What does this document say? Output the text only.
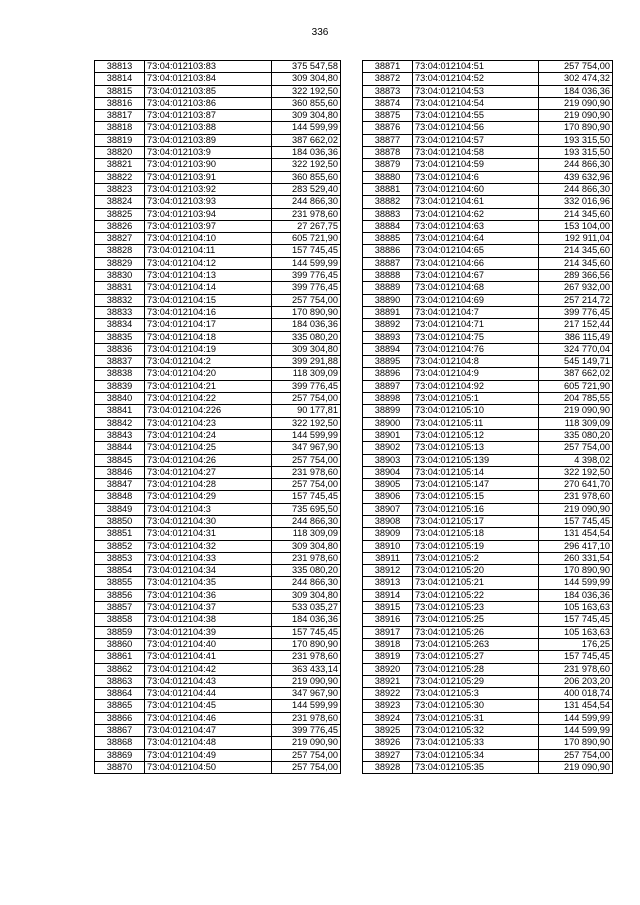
336
38813	73:04:012103:83	375 547,58
38814	73:04:012103:84	309 304,80
38815	73:04:012103:85	322 192,50
38816	73:04:012103:86	360 855,60
38817	73:04:012103:87	309 304,80
38818	73:04:012103:88	144 599,99
38819	73:04:012103:89	387 662,02
38820	73:04:012103:9	184 036,36
38821	73:04:012103:90	322 192,50
38822	73:04:012103:91	360 855,60
38823	73:04:012103:92	283 529,40
38824	73:04:012103:93	244 866,30
38825	73:04:012103:94	231 978,60
38826	73:04:012103:97	27 267,75
38827	73:04:012104:10	605 721,90
38828	73:04:012104:11	157 745,45
38829	73:04:012104:12	144 599,99
38830	73:04:012104:13	399 776,45
38831	73:04:012104:14	399 776,45
38832	73:04:012104:15	257 754,00
38833	73:04:012104:16	170 890,90
38834	73:04:012104:17	184 036,36
38835	73:04:012104:18	335 080,20
38836	73:04:012104:19	309 304,80
38837	73:04:012104:2	399 291,88
38838	73:04:012104:20	118 309,09
38839	73:04:012104:21	399 776,45
38840	73:04:012104:22	257 754,00
38841	73:04:012104:226	90 177,81
38842	73:04:012104:23	322 192,50
38843	73:04:012104:24	144 599,99
38844	73:04:012104:25	347 967,90
38845	73:04:012104:26	257 754,00
38846	73:04:012104:27	231 978,60
38847	73:04:012104:28	257 754,00
38848	73:04:012104:29	157 745,45
38849	73:04:012104:3	735 695,50
38850	73:04:012104:30	244 866,30
38851	73:04:012104:31	118 309,09
38852	73:04:012104:32	309 304,80
38853	73:04:012104:33	231 978,60
38854	73:04:012104:34	335 080,20
38855	73:04:012104:35	244 866,30
38856	73:04:012104:36	309 304,80
38857	73:04:012104:37	533 035,27
38858	73:04:012104:38	184 036,36
38859	73:04:012104:39	157 745,45
38860	73:04:012104:40	170 890,90
38861	73:04:012104:41	231 978,60
38862	73:04:012104:42	363 433,14
38863	73:04:012104:43	219 090,90
38864	73:04:012104:44	347 967,90
38865	73:04:012104:45	144 599,99
38866	73:04:012104:46	231 978,60
38867	73:04:012104:47	399 776,45
38868	73:04:012104:48	219 090,90
38869	73:04:012104:49	257 754,00
38870	73:04:012104:50	257 754,00
38871	73:04:012104:51	257 754,00
38872	73:04:012104:52	302 474,32
38873	73:04:012104:53	184 036,36
38874	73:04:012104:54	219 090,90
38875	73:04:012104:55	219 090,90
38876	73:04:012104:56	170 890,90
38877	73:04:012104:57	193 315,50
38878	73:04:012104:58	193 315,50
38879	73:04:012104:59	244 866,30
38880	73:04:012104:6	439 632,96
38881	73:04:012104:60	244 866,30
38882	73:04:012104:61	332 016,96
38883	73:04:012104:62	214 345,60
38884	73:04:012104:63	153 104,00
38885	73:04:012104:64	192 911,04
38886	73:04:012104:65	214 345,60
38887	73:04:012104:66	214 345,60
38888	73:04:012104:67	289 366,56
38889	73:04:012104:68	267 932,00
38890	73:04:012104:69	257 214,72
38891	73:04:012104:7	399 776,45
38892	73:04:012104:71	217 152,44
38893	73:04:012104:75	386 115,49
38894	73:04:012104:76	324 770,04
38895	73:04:012104:8	545 149,71
38896	73:04:012104:9	387 662,02
38897	73:04:012104:92	605 721,90
38898	73:04:012105:1	204 785,55
38899	73:04:012105:10	219 090,90
38900	73:04:012105:11	118 309,09
38901	73:04:012105:12	335 080,20
38902	73:04:012105:13	257 754,00
38903	73:04:012105:139	4 398,02
38904	73:04:012105:14	322 192,50
38905	73:04:012105:147	270 641,70
38906	73:04:012105:15	231 978,60
38907	73:04:012105:16	219 090,90
38908	73:04:012105:17	157 745,45
38909	73:04:012105:18	131 454,54
38910	73:04:012105:19	296 417,10
38911	73:04:012105:2	260 331,54
38912	73:04:012105:20	170 890,90
38913	73:04:012105:21	144 599,99
38914	73:04:012105:22	184 036,36
38915	73:04:012105:23	105 163,63
38916	73:04:012105:25	157 745,45
38917	73:04:012105:26	105 163,63
38918	73:04:012105:263	176,25
38919	73:04:012105:27	157 745,45
38920	73:04:012105:28	231 978,60
38921	73:04:012105:29	206 203,20
38922	73:04:012105:3	400 018,74
38923	73:04:012105:30	131 454,54
38924	73:04:012105:31	144 599,99
38925	73:04:012105:32	144 599,99
38926	73:04:012105:33	170 890,90
38927	73:04:012105:34	257 754,00
38928	73:04:012105:35	219 090,90
